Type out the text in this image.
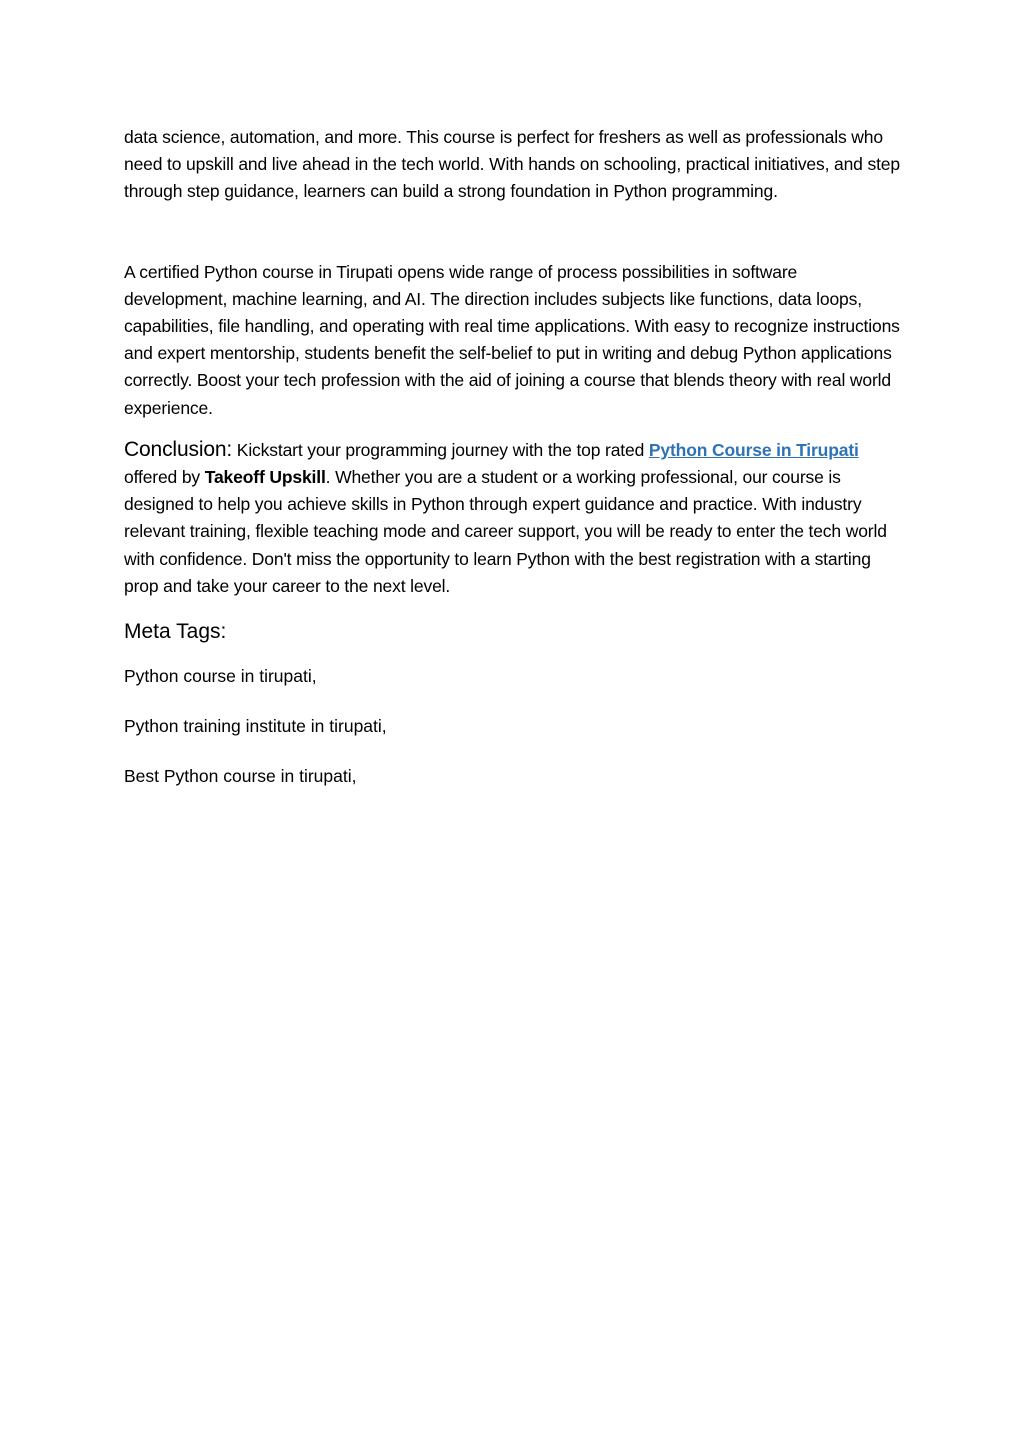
data science, automation, and more. This course is perfect for freshers as well as professionals who need to upskill and live ahead in the tech world. With hands on schooling, practical initiatives, and step through step guidance, learners can build a strong foundation in Python programming.

A certified Python course in Tirupati opens wide range of process possibilities in software development, machine learning, and AI. The direction includes subjects like functions, data loops, capabilities, file handling, and operating with real time applications. With easy to recognize instructions and expert mentorship, students benefit the self-belief to put in writing and debug Python applications correctly. Boost your tech profession with the aid of joining a course that blends theory with real world experience.

Conclusion: Kickstart your programming journey with the top rated Python Course in Tirupati offered by Takeoff Upskill. Whether you are a student or a working professional, our course is designed to help you achieve skills in Python through expert guidance and practice. With industry relevant training, flexible teaching mode and career support, you will be ready to enter the tech world with confidence. Don't miss the opportunity to learn Python with the best registration with a starting prop and take your career to the next level.

Meta Tags:

Python course in tirupati,

Python training institute in tirupati,

Best Python course in tirupati,
